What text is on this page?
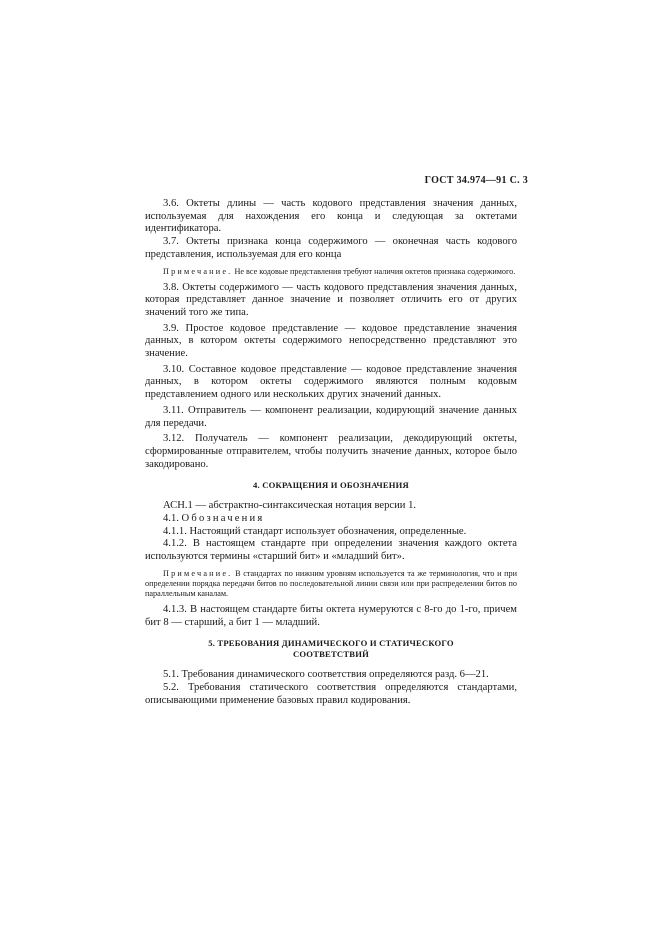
ГОСТ 34.974—91 С. 3

3.6. Октеты длины — часть кодового представления значения данных, используемая для нахождения его конца и следующая за октетами идентификатора.

3.7. Октеты признака конца содержимого — оконечная часть кодового представления, используемая для его конца

Примечание. Не все кодовые представления требуют наличия октетов признака содержимого.

3.8. Октеты содержимого — часть кодового представления значения данных, которая представляет данное значение и позволяет отличить его от других значений того же типа.

3.9. Простое кодовое представление — кодовое представление значения данных, в котором октеты содержимого непосредственно представляют это значение.

3.10. Составное кодовое представление — кодовое представление значения данных, в котором октеты содержимого являются полным кодовым представлением одного или нескольких других значений данных.

3.11. Отправитель — компонент реализации, кодирующий значение данных для передачи.

3.12. Получатель — компонент реализации, декодирующий октеты, сформированные отправителем, чтобы получить значение данных, которое было закодировано.

4. СОКРАЩЕНИЯ И ОБОЗНАЧЕНИЯ

АСН.1 — абстрактно-синтаксическая нотация версии 1.

4.1. Обозначения

4.1.1. Настоящий стандарт использует обозначения, определенные.

4.1.2. В настоящем стандарте при определении значения каждого октета используются термины «старший бит» и «младший бит».

Примечание. В стандартах по нижним уровням используется та же терминология, что и при определении порядка передачи битов по последовательной линии связи или при распределении битов по параллельным каналам.

4.1.3. В настоящем стандарте биты октета нумеруются с 8-го до 1-го, причем бит 8 — старший, а бит 1 — младший.

5. ТРЕБОВАНИЯ ДИНАМИЧЕСКОГО И СТАТИЧЕСКОГО
СООТВЕТСТВИЙ

5.1. Требования динамического соответствия определяются разд. 6—21.

5.2. Требования статического соответствия определяются стандартами, описывающими применение базовых правил кодирования.
